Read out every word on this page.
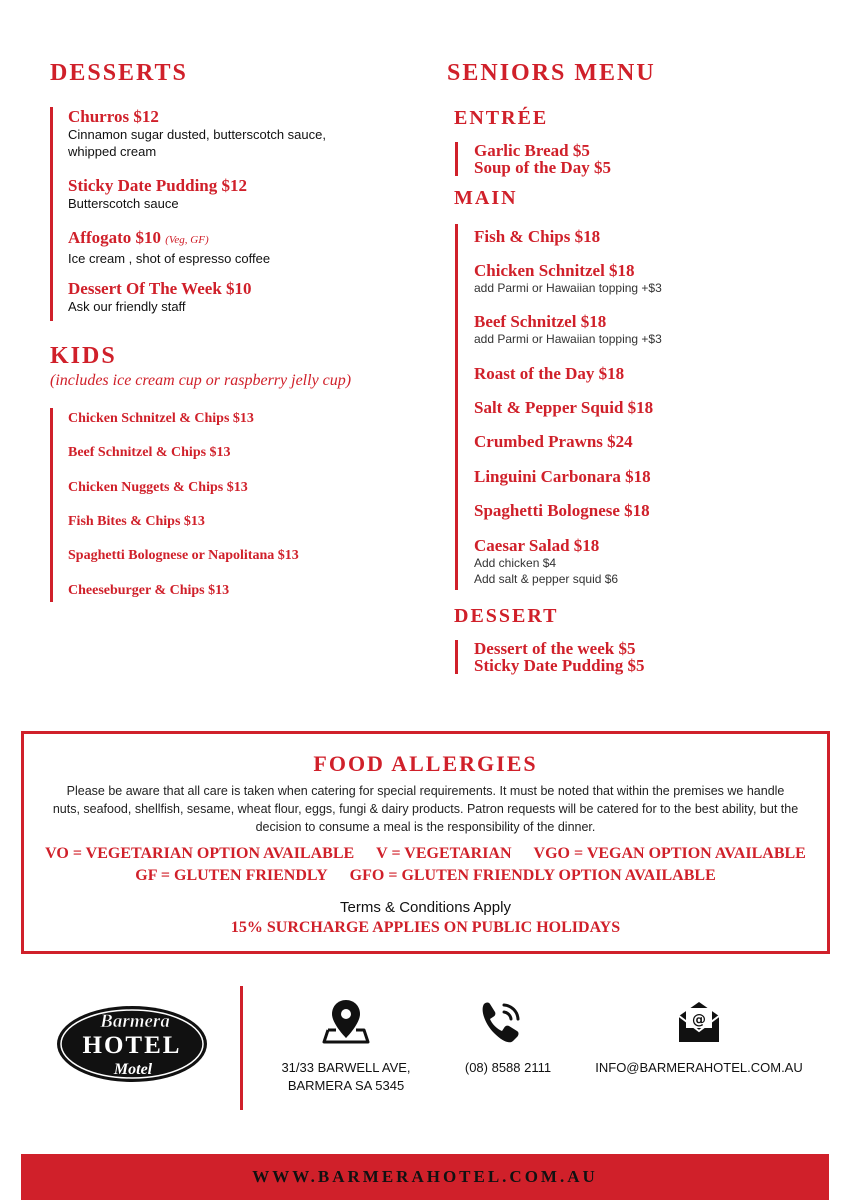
DESSERTS
Churros $12
Cinnamon sugar dusted, butterscotch sauce,
whipped cream
Sticky Date Pudding $12
Butterscotch sauce
Affogato $10 (Veg, GF)
Ice cream , shot of espresso coffee
Dessert Of The Week $10
Ask our friendly staff
KIDS

(includes ice cream cup or raspberry jelly cup)

Chicken Schnitzel & Chips $13
Beef Schnitzel & Chips $13
Chicken Nuggets & Chips $13
Fish Bites & Chips $13
Spaghetti Bolognese or Napolitana $13
Cheeseburger & Chips $13
SENIORS MENU
ENTRÉE
Garlic Bread $5
Soup of the Day $5
MAIN
Fish & Chips $18
Chicken Schnitzel $18
add Parmi or Hawaiian topping +$3
Beef Schnitzel $18
add Parmi or Hawaiian topping +$3
Roast of the Day $18
Salt & Pepper Squid $18
Crumbed Prawns $24
Linguini Carbonara $18
Spaghetti Bolognese $18
Caesar Salad $18
Add chicken $4
Add salt & pepper squid $6
DESSERT
Dessert of the week $5
Sticky Date Pudding $5
FOOD ALLERGIES

Please be aware that all care is taken when catering for special requirements. It must be noted that within the premises we handle nuts, seafood, shellfish, sesame, wheat flour, eggs, fungi & dairy products. Patron requests will be catered for to the best ability, but the decision to consume a meal is the responsibility of the dinner.

VO = VEGETARIAN OPTION AVAILABLE V = VEGETARIAN VGO = VEGAN OPTION AVAILABLE
GF = GLUTEN FRIENDLY GFO = GLUTEN FRIENDLY OPTION AVAILABLE

Terms & Conditions Apply

15% SURCHARGE APPLIES ON PUBLIC HOLIDAYS

Barmera
HOTEL
Motel	31/33 BARWELL AVE,
BARMERA SA 5345
(08) 8588 2111
@
INFO@BARMERAHOTEL.COM.AU

WWW.BARMERAHOTEL.COM.AU
